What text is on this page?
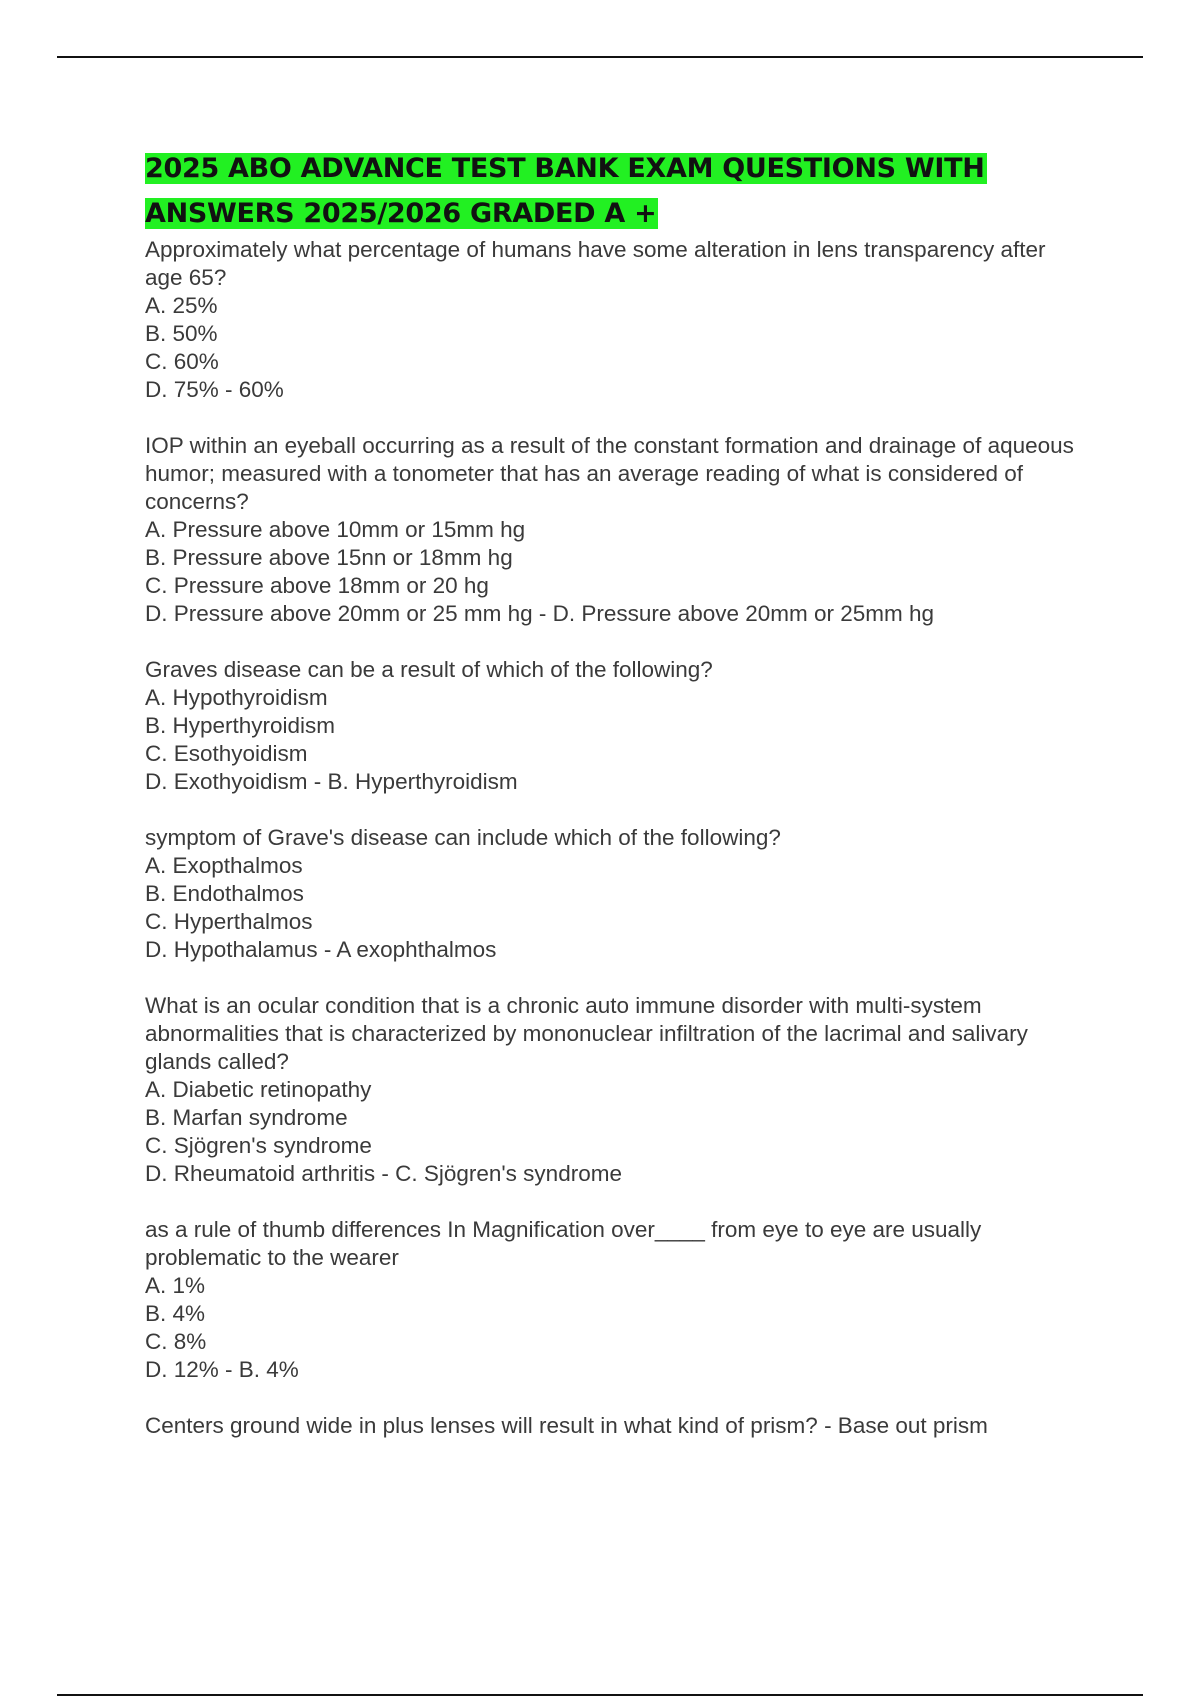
2025 ABO ADVANCE TEST BANK EXAM QUESTIONS WITH ANSWERS 2025/2026 GRADED A +

Approximately what percentage of humans have some alteration in lens transparency after age 65?

A. 25%

B. 50%

C. 60%

D. 75% - 60%

IOP within an eyeball occurring as a result of the constant formation and drainage of aqueous humor; measured with a tonometer that has an average reading of what is considered of concerns?

A. Pressure above 10mm or 15mm hg

B. Pressure above 15nn or 18mm hg

C. Pressure above 18mm or 20 hg

D. Pressure above 20mm or 25 mm hg - D. Pressure above 20mm or 25mm hg

Graves disease can be a result of which of the following?

A. Hypothyroidism

B. Hyperthyroidism

C. Esothyoidism

D. Exothyoidism - B. Hyperthyroidism

symptom of Grave's disease can include which of the following?

A. Exopthalmos

B. Endothalmos

C. Hyperthalmos

D. Hypothalamus - A exophthalmos

What is an ocular condition that is a chronic auto immune disorder with multi-system abnormalities that is characterized by mononuclear infiltration of the lacrimal and salivary glands called?

A. Diabetic retinopathy

B. Marfan syndrome

C. Sjögren's syndrome

D. Rheumatoid arthritis - C. Sjögren's syndrome

as a rule of thumb differences In Magnification over____ from eye to eye are usually problematic to the wearer

A. 1%

B. 4%

C. 8%

D. 12% - B. 4%

Centers ground wide in plus lenses will result in what kind of prism? - Base out prism
